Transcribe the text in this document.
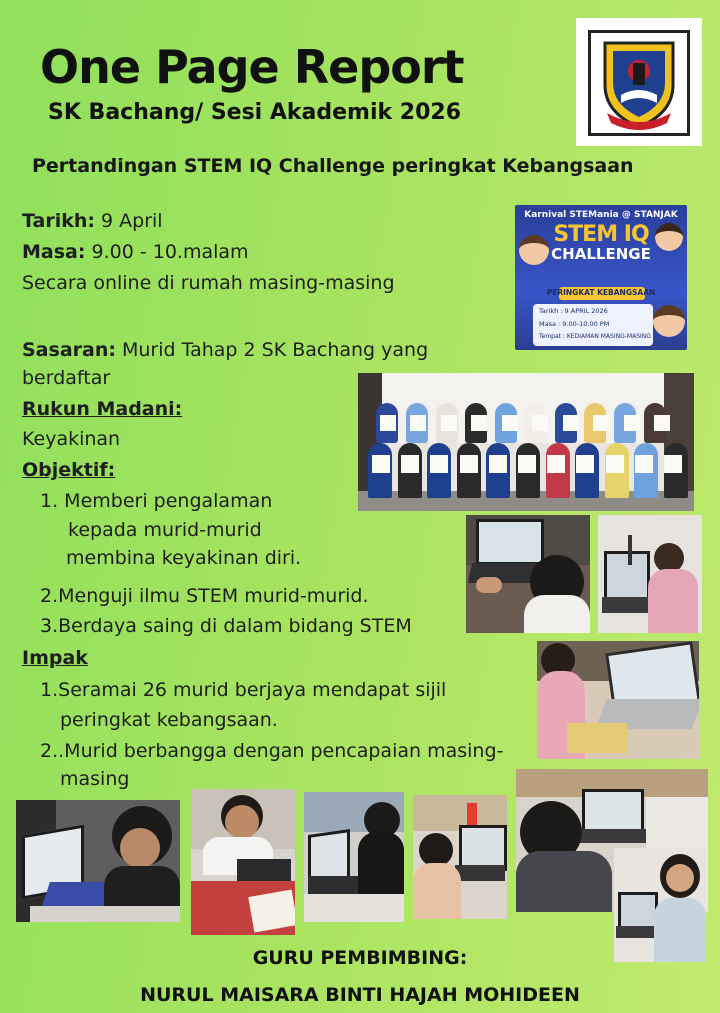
One Page Report
SK Bachang/ Sesi Akademik 2026
Pertandingan STEM IQ Challenge peringkat Kebangsaan
Tarikh: 9 April
Masa: 9.00 - 10.malam
Secara online di rumah masing-masing
Sasaran: Murid Tahap 2 SK Bachang yang
berdaftar
Rukun Madani:
Keyakinan
Objektif:
1. Memberi pengalaman
kepada murid-murid
membina keyakinan diri.
2.Menguji ilmu STEM murid-murid.
3.Berdaya saing di dalam bidang STEM
Impak
1.Seramai 26 murid berjaya mendapat sijil
peringkat kebangsaan.
2..Murid berbangga dengan pencapaian masing-
masing
Karnival STEMania @ STANJAK
STEM IQ
CHALLENGE
PERINGKAT KEBANGSAAN
Tarikh : 9 APRIL 2026
Masa : 9.00-10.00 PM
Tempat : KEDIAMAN MASING-MASING
GURU PEMBIMBING:
NURUL MAISARA BINTI HAJAH MOHIDEEN
